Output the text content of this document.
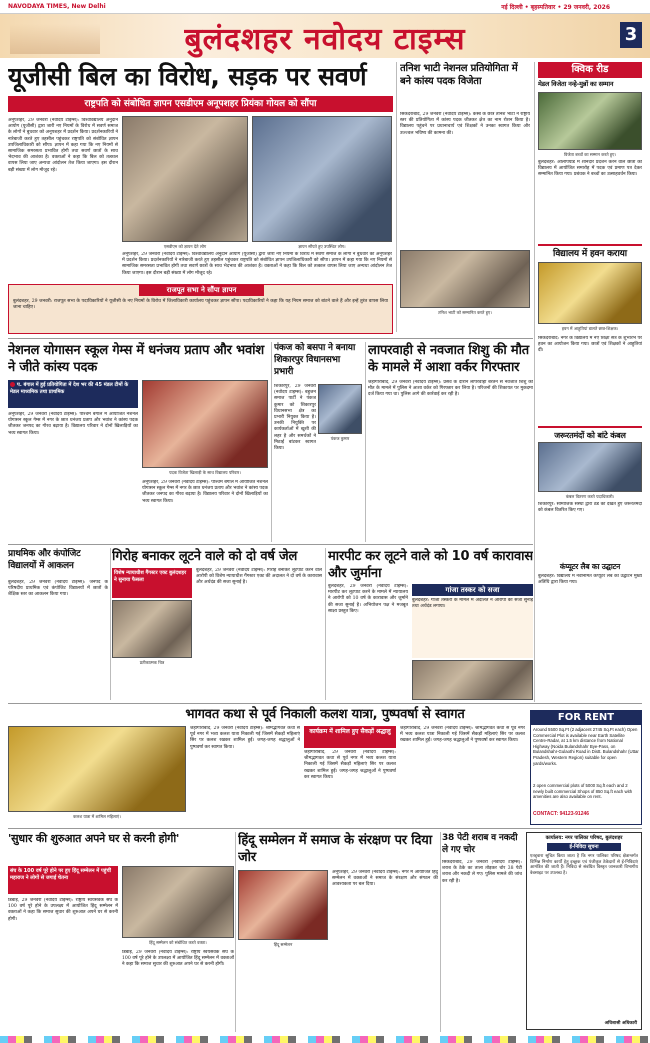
NAVODAYA TIMES, New Delhi	नई दिल्ली • बृहस्पतिवार • 29 जनवरी, 2026
बुलंदशहर नवोदय टाइम्स	3
यूजीसी बिल का विरोध, सड़क पर सवर्ण
राष्ट्रपति को संबोधित ज्ञापन एसडीएम अनूपशहर प्रियंका गोयल को सौंपा
अनूपशहर, 29 जनवरी (नवोदय टाइम्स): विश्वविद्यालय अनुदान आयोग (यूजीसी) द्वारा जारी नए नियमों के विरोध में सवर्ण समाज के लोगों ने बुधवार को अनूपशहर में प्रदर्शन किया। प्रदर्शनकारियों ने नारेबाजी करते हुए तहसील पहुंचकर राष्ट्रपति को संबोधित ज्ञापन उपजिलाधिकारी को सौंपा। ज्ञापन में कहा गया कि नए नियमों से सामाजिक समरसता प्रभावित होगी तथा सवर्ण छात्रों के साथ भेदभाव की आशंका है। वक्ताओं ने कहा कि बिल को तत्काल वापस लिया जाए अन्यथा आंदोलन तेज किया जाएगा। इस दौरान बड़ी संख्या में लोग मौजूद रहे।
एसडीएम को ज्ञापन देते लोग	ज्ञापन सौंपते हुए उपस्थित लोग।
अनूपशहर, 29 जनवरी (नवोदय टाइम्स): विश्वविद्यालय अनुदान आयोग (यूजीसी) द्वारा जारी नए नियमों के विरोध में सवर्ण समाज के लोगों ने बुधवार को अनूपशहर में प्रदर्शन किया। प्रदर्शनकारियों ने नारेबाजी करते हुए तहसील पहुंचकर राष्ट्रपति को संबोधित ज्ञापन उपजिलाधिकारी को सौंपा। ज्ञापन में कहा गया कि नए नियमों से सामाजिक समरसता प्रभावित होगी तथा सवर्ण छात्रों के साथ भेदभाव की आशंका है। वक्ताओं ने कहा कि बिल को तत्काल वापस लिया जाए अन्यथा आंदोलन तेज किया जाएगा। इस दौरान बड़ी संख्या में लोग मौजूद रहे।
राजपूत सभा ने सौंपा ज्ञापन
बुलंदशहर, 29 जनवरी: राजपूत सभा के पदाधिकारियों ने यूजीसी के नए नियमों के विरोध में जिलाधिकारी कार्यालय पहुंचकर ज्ञापन सौंपा। पदाधिकारियों ने कहा कि यह नियम समाज को बांटने वाले हैं और इन्हें तुरंत वापस लिया जाना चाहिए।
तनिश भाटी नेशनल प्रतियोगिता में बने कांस्य पदक विजेता
सिकंदराबाद, 29 जनवरी (नवोदय टाइम्स): कस्बे के छात्र तनिश भाटी ने राष्ट्रीय स्तर की प्रतियोगिता में कांस्य पदक जीतकर क्षेत्र का नाम रोशन किया है। विद्यालय पहुंचने पर प्रधानाचार्य एवं शिक्षकों ने उनका स्वागत किया और उज्ज्वल भविष्य की कामना की।
तनिश भाटी को सम्मानित करते हुए।
क्विक रीड
मेडल विजेता नन्हे-मुन्नों का सम्मान
विजेता बच्चों का सम्मान करते हुए।
बुलंदशहर: ओलंपियाड में शानदार प्रदर्शन करने वाले छात्रों को विद्यालय में आयोजित समारोह में पदक एवं प्रमाण पत्र देकर सम्मानित किया गया। प्रबंधक ने बच्चों का उत्साहवर्धन किया।
विद्यालय में हवन कराया
हवन में आहुतियां डालते छात्र-शिक्षक।
सिकंदराबाद: नगर के विद्यालय में नए शिक्षा सत्र के शुभारंभ पर हवन का आयोजन किया गया। छात्रों एवं शिक्षकों ने आहुतियां दीं।
जरूरतमंदों को बांटे कंबल
कंबल वितरण करते पदाधिकारी।
शिकारपुर: सामाजिक संस्था द्वारा ठंड को देखते हुए जरूरतमंदों को कंबल वितरित किए गए।
कंप्यूटर लैब का उद्घाटन
बुलंदशहर: विद्यालय में नवनिर्मित कंप्यूटर लैब का उद्घाटन मुख्य अतिथि द्वारा किया गया।
नेशनल योगासन स्कूल गेम्स में धनंजय प्रताप और भवांश ने जीते कांस्य पदक
प. बंगाल में हुई प्रतियोगिता में देश भर की 45 मंडल टीमों के मेडल माध्यमिक तथा प्राथमिक
अनूपशहर, 29 जनवरी (नवोदय टाइम्स): पश्चिम बंगाल में आयोजित नेशनल योगासन स्कूल गेम्स में नगर के छात्र धनंजय प्रताप और भवांश ने कांस्य पदक जीतकर जनपद का गौरव बढ़ाया है। विद्यालय परिवार ने दोनों खिलाड़ियों का भव्य स्वागत किया।
पदक विजेता खिलाड़ी के साथ विद्यालय परिवार।
अनूपशहर, 29 जनवरी (नवोदय टाइम्स): पश्चिम बंगाल में आयोजित नेशनल योगासन स्कूल गेम्स में नगर के छात्र धनंजय प्रताप और भवांश ने कांस्य पदक जीतकर जनपद का गौरव बढ़ाया है। विद्यालय परिवार ने दोनों खिलाड़ियों का भव्य स्वागत किया।
पंकज को बसपा ने बनाया शिकारपुर विधानसभा प्रभारी
पंकज कुमार
शिकारपुर, 29 जनवरी (नवोदय टाइम्स): बहुजन समाज पार्टी ने पंकज कुमार को शिकारपुर विधानसभा क्षेत्र का प्रभारी नियुक्त किया है। उनकी नियुक्ति पर कार्यकर्ताओं में खुशी की लहर है और समर्थकों ने मिठाई बांटकर स्वागत किया।
लापरवाही से नवजात शिशु की मौत के मामले में आशा वर्कर गिरफ्तार
जहांगीराबाद, 29 जनवरी (नवोदय टाइम्स): प्रसव के दौरान लापरवाही बरतने से नवजात शिशु की मौत के मामले में पुलिस ने आशा वर्कर को गिरफ्तार कर लिया है। परिजनों की शिकायत पर मुकदमा दर्ज किया गया था। पुलिस आगे की कार्रवाई कर रही है।
प्राथमिक और कंपोजिट विद्यालयों में आकलन
बुलंदशहर, 29 जनवरी (नवोदय टाइम्स): जनपद के परिषदीय प्राथमिक एवं कंपोजिट विद्यालयों में छात्रों के शैक्षिक स्तर का आकलन किया गया।
गिरोह बनाकर लूटने वाले को दो वर्ष जेल
विशेष न्यायाधीश गैंगस्टर एक्ट बुलंदशहर ने सुनाया फैसला
प्रतीकात्मक चित्र
बुलंदशहर, 29 जनवरी (नवोदय टाइम्स): गिरोह बनाकर लूटपाट करने वाले आरोपी को विशेष न्यायाधीश गैंगस्टर एक्ट की अदालत ने दो वर्ष के कारावास और अर्थदंड की सजा सुनाई है।
मारपीट कर लूटने वाले को 10 वर्ष कारावास और जुर्माना
बुलंदशहर, 29 जनवरी (नवोदय टाइम्स): मारपीट कर लूटपाट करने के मामले में न्यायालय ने आरोपी को 10 वर्ष के कारावास और जुर्माने की सजा सुनाई है। अभियोजन पक्ष ने मजबूत साक्ष्य प्रस्तुत किए।
गांजा तस्कर को सजा
बुलंदशहर: गांजा तस्करी के मामले में अदालत ने आरोपी को सजा सुनाई तथा अर्थदंड लगाया।
भागवत कथा से पूर्व निकाली कलश यात्रा, पुष्पवर्षा से स्वागत
कलश यात्रा में शामिल महिलाएं।
जहांगीराबाद, 29 जनवरी (नवोदय टाइम्स): श्रीमद्भागवत कथा से पूर्व नगर में भव्य कलश यात्रा निकाली गई जिसमें सैकड़ों महिलाएं सिर पर कलश रखकर शामिल हुईं। जगह-जगह श्रद्धालुओं ने पुष्पवर्षा कर स्वागत किया।
कार्यक्रम में शामिल हुए सैकड़ों श्रद्धालु
जहांगीराबाद, 29 जनवरी (नवोदय टाइम्स): श्रीमद्भागवत कथा से पूर्व नगर में भव्य कलश यात्रा निकाली गई जिसमें सैकड़ों महिलाएं सिर पर कलश रखकर शामिल हुईं। जगह-जगह श्रद्धालुओं ने पुष्पवर्षा कर स्वागत किया।
जहांगीराबाद, 29 जनवरी (नवोदय टाइम्स): श्रीमद्भागवत कथा से पूर्व नगर में भव्य कलश यात्रा निकाली गई जिसमें सैकड़ों महिलाएं सिर पर कलश रखकर शामिल हुईं। जगह-जगह श्रद्धालुओं ने पुष्पवर्षा कर स्वागत किया।
FOR RENT
Around 5500 Sq.Ft (2 adjacent 2745 Sq.Ft each) Open Commercial Plot is available near Earth Satellite Centre-Radar, at 1.5 km distance from National Highway (Noida Bulandshahr Bye-Pass, on Bulandshahr-Gulaothi Road in Distt. Bulandshahr (Uttar Pradesh, Western Region) suitable for open yards/works.
2 open commercial plots of 5000 Sq.ft each and 2 newly built commercial Shops of 850 Sq.ft each with amenities are also available on rent.
CONTACT: 94123-91246
'सुधार की शुरुआत अपने घर से करनी होगी'
संघ के 100 वर्ष पूरे होने पर हुए हिंदू सम्मेलन में पहुंचीं महाराज ने लोगों से जगाई चेतना
डिबाई, 29 जनवरी (नवोदय टाइम्स): राष्ट्रीय स्वयंसेवक संघ के 100 वर्ष पूरे होने के उपलक्ष्य में आयोजित हिंदू सम्मेलन में वक्ताओं ने कहा कि समाज सुधार की शुरुआत अपने घर से करनी होगी।
हिंदू सम्मेलन को संबोधित करते वक्ता।
डिबाई, 29 जनवरी (नवोदय टाइम्स): राष्ट्रीय स्वयंसेवक संघ के 100 वर्ष पूरे होने के उपलक्ष्य में आयोजित हिंदू सम्मेलन में वक्ताओं ने कहा कि समाज सुधार की शुरुआत अपने घर से करनी होगी।
हिंदू सम्मेलन में समाज के संरक्षण पर दिया जोर
हिंदू सम्मेलन
अनूपशहर, 29 जनवरी (नवोदय टाइम्स): नगर में आयोजित हिंदू सम्मेलन में वक्ताओं ने समाज के संरक्षण और संगठन की आवश्यकता पर बल दिया।
38 पेटी शराब व नकदी ले गए चोर
सिकंदराबाद, 29 जनवरी (नवोदय टाइम्स): शराब के ठेके का ताला तोड़कर चोर 38 पेटी शराब और नकदी ले गए। पुलिस मामले की जांच कर रही है।
कार्यालय: नगर पालिका परिषद, बुलंदशहर
ई-निविदा सूचना
एतद्द्वारा सूचित किया जाता है कि नगर पालिका परिषद क्षेत्रान्तर्गत विभिन्न निर्माण कार्यों हेतु इच्छुक एवं पंजीकृत ठेकेदारों से ई-निविदाएं आमंत्रित की जाती हैं। निविदा से संबंधित विस्तृत जानकारी विभागीय वेबसाइट पर उपलब्ध है।
अधिशासी अधिकारी
